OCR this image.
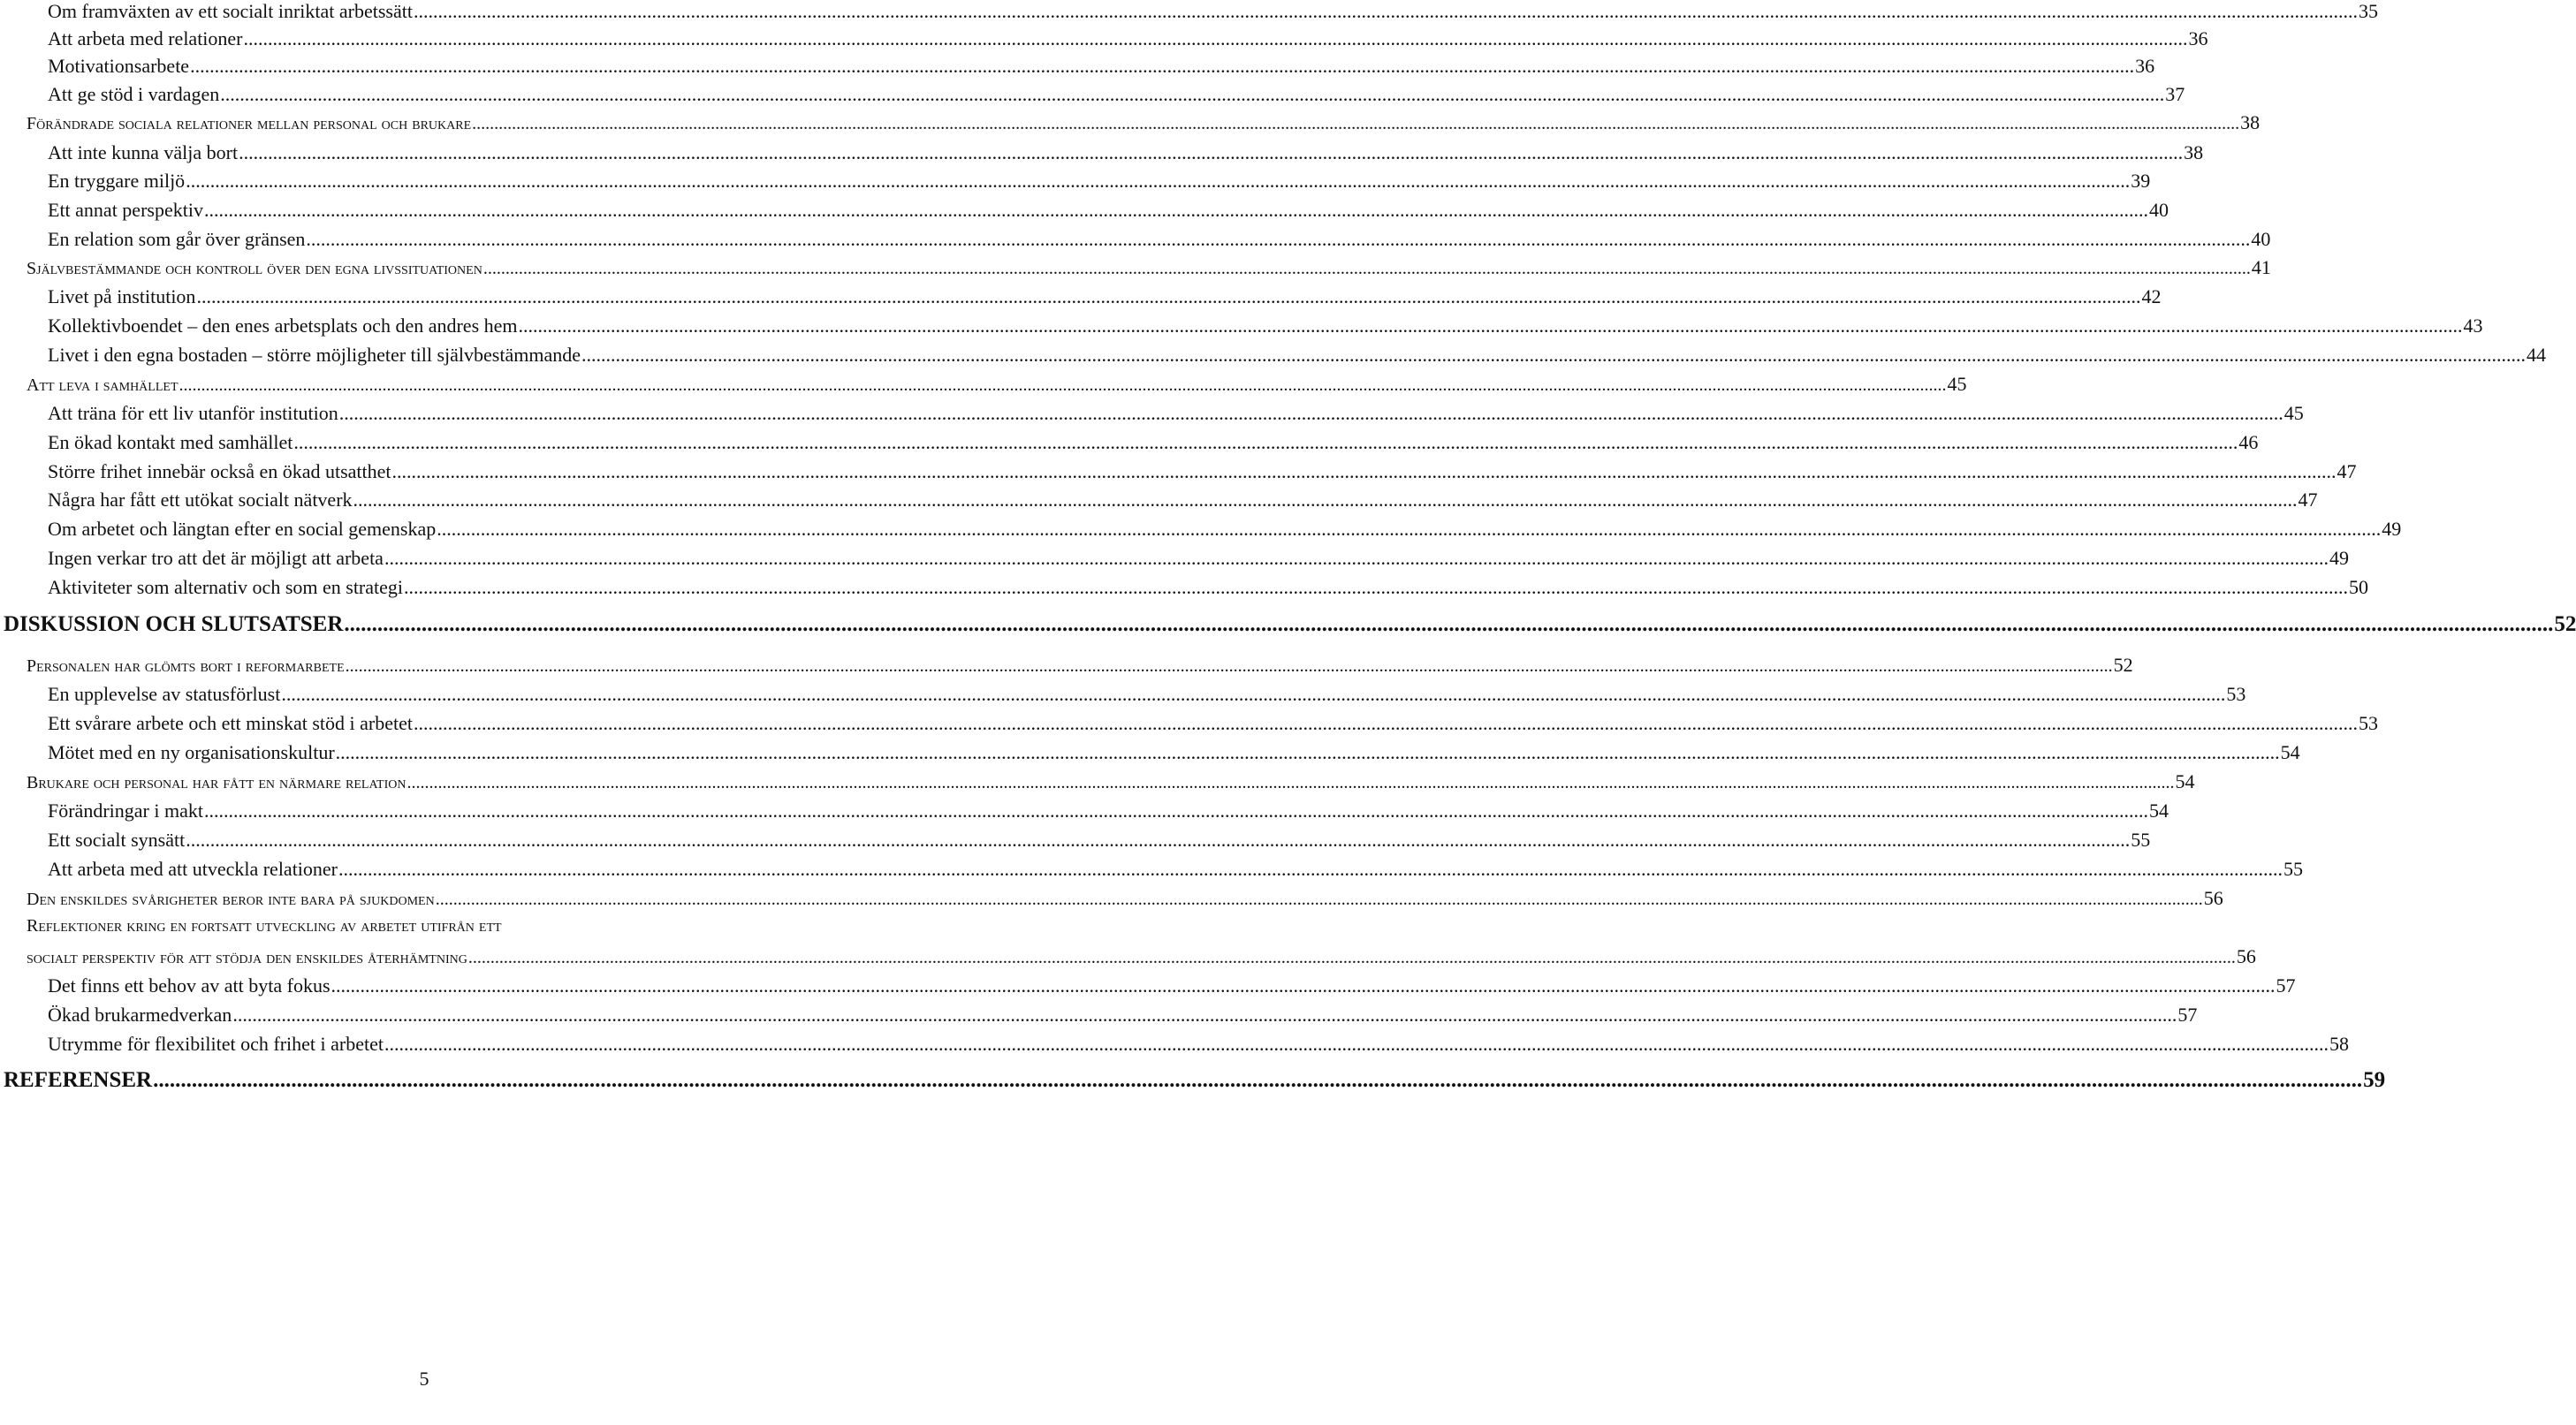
Om framväxten av ett socialt inriktat arbetssätt ................................................................................................................................................................................................................................................................................................................................................................................................................ 35
Att arbeta med relationer ................................................................................................................................................................................................................................................................................................................................................................................................................ 36
Motivationsarbete ................................................................................................................................................................................................................................................................................................................................................................................................................ 36
Att ge stöd i vardagen ................................................................................................................................................................................................................................................................................................................................................................................................................ 37
Förändrade sociala relationer mellan personal och brukare ................................................................................................................................................................................................................................................................................................................................................................................................................ 38
Att inte kunna välja bort ................................................................................................................................................................................................................................................................................................................................................................................................................ 38
En tryggare miljö ................................................................................................................................................................................................................................................................................................................................................................................................................ 39
Ett annat perspektiv ................................................................................................................................................................................................................................................................................................................................................................................................................ 40
En relation som går över gränsen ................................................................................................................................................................................................................................................................................................................................................................................................................ 40
Självbestämmande och kontroll över den egna livssituationen ................................................................................................................................................................................................................................................................................................................................................................................................................ 41
Livet på institution ................................................................................................................................................................................................................................................................................................................................................................................................................ 42
Kollektivboendet – den enes arbetsplats och den andres hem ................................................................................................................................................................................................................................................................................................................................................................................................................ 43
Livet i den egna bostaden – större möjligheter till självbestämmande ................................................................................................................................................................................................................................................................................................................................................................................................................ 44
Att leva i samhället ................................................................................................................................................................................................................................................................................................................................................................................................................ 45
Att träna för ett liv utanför institution ................................................................................................................................................................................................................................................................................................................................................................................................................ 45
En ökad kontakt med samhället ................................................................................................................................................................................................................................................................................................................................................................................................................ 46
Större frihet innebär också en ökad utsatthet ................................................................................................................................................................................................................................................................................................................................................................................................................ 47
Några har fått ett utökat socialt nätverk ................................................................................................................................................................................................................................................................................................................................................................................................................ 47
Om arbetet och längtan efter en social gemenskap ................................................................................................................................................................................................................................................................................................................................................................................................................ 49
Ingen verkar tro att det är möjligt att arbeta ................................................................................................................................................................................................................................................................................................................................................................................................................ 49
Aktiviteter som alternativ och som en strategi ................................................................................................................................................................................................................................................................................................................................................................................................................ 50
DISKUSSION OCH SLUTSATSER ................................................................................................................................................................................................................................................................................................................................................................................................................ 52
Personalen har glömts bort i reformarbete ................................................................................................................................................................................................................................................................................................................................................................................................................ 52
En upplevelse av statusförlust ................................................................................................................................................................................................................................................................................................................................................................................................................ 53
Ett svårare arbete och ett minskat stöd i arbetet ................................................................................................................................................................................................................................................................................................................................................................................................................ 53
Mötet med en ny organisationskultur ................................................................................................................................................................................................................................................................................................................................................................................................................ 54
Brukare och personal har fått en närmare relation ................................................................................................................................................................................................................................................................................................................................................................................................................ 54
Förändringar i makt ................................................................................................................................................................................................................................................................................................................................................................................................................ 54
Ett socialt synsätt ................................................................................................................................................................................................................................................................................................................................................................................................................ 55
Att arbeta med att utveckla relationer ................................................................................................................................................................................................................................................................................................................................................................................................................ 55
Den enskildes svårigheter beror inte bara på sjukdomen ................................................................................................................................................................................................................................................................................................................................................................................................................ 56
Reflektioner kring en fortsatt utveckling av arbetet utifrån ett
socialt perspektiv för att stödja den enskildes återhämtning ................................................................................................................................................................................................................................................................................................................................................................................................................ 56
Det finns ett behov av att byta fokus ................................................................................................................................................................................................................................................................................................................................................................................................................ 57
Ökad brukarmedverkan ................................................................................................................................................................................................................................................................................................................................................................................................................ 57
Utrymme för flexibilitet och frihet i arbetet ................................................................................................................................................................................................................................................................................................................................................................................................................ 58
REFERENSER ................................................................................................................................................................................................................................................................................................................................................................................................................ 59
5
